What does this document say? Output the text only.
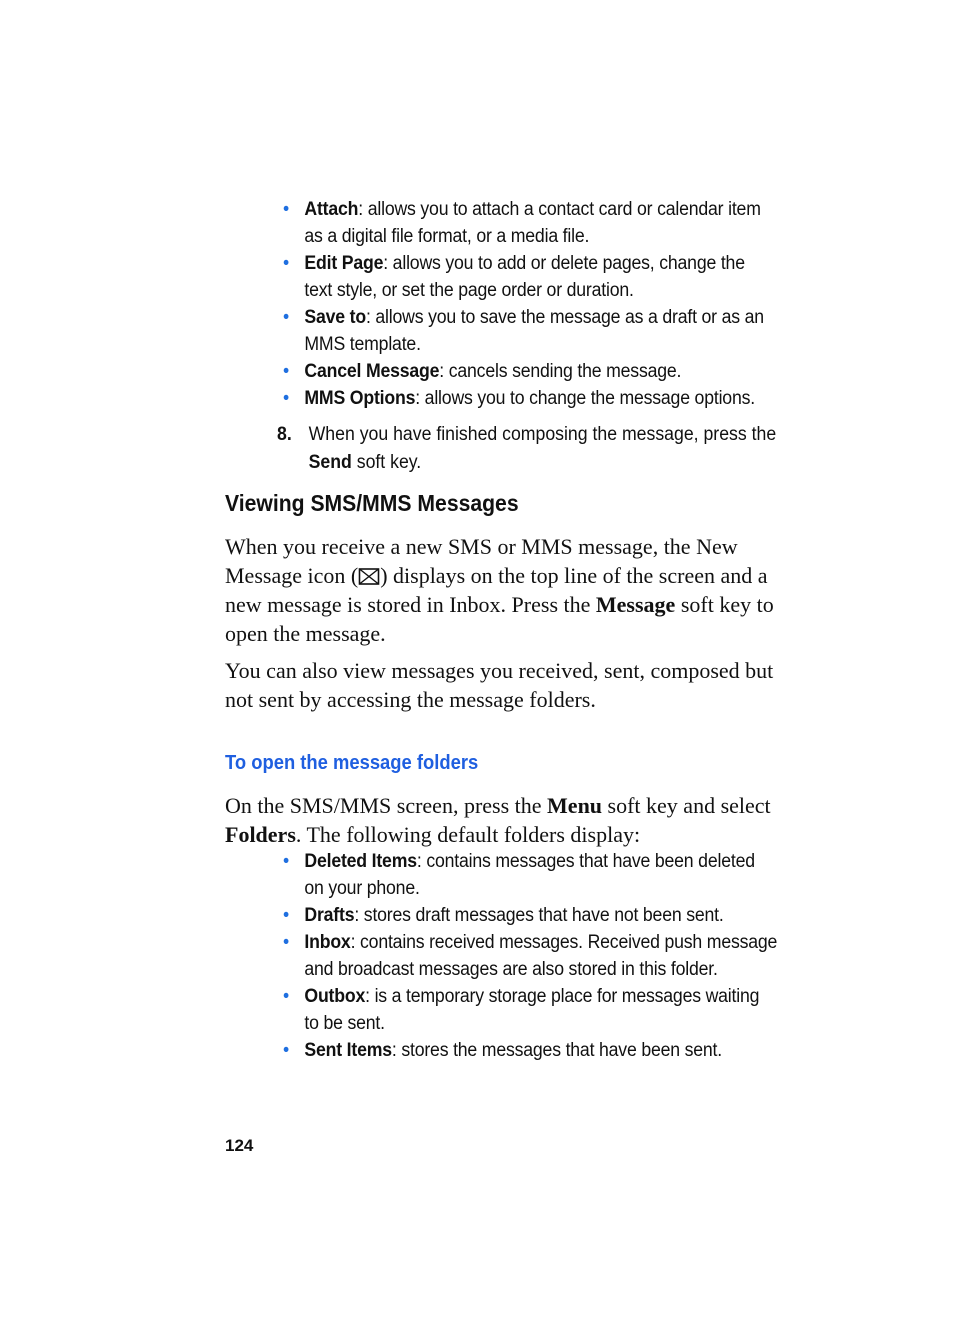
• Attach: allows you to attach a contact card or calendar item
as a digital file format, or a media file.
• Edit Page: allows you to add or delete pages, change the
text style, or set the page order or duration.
• Save to: allows you to save the message as a draft or as an
MMS template.
• Cancel Message: cancels sending the message.
• MMS Options: allows you to change the message options.
8. When you have finished composing the message, press the Send soft key.
Viewing SMS/MMS Messages

When you receive a new SMS or MMS message, the New Message icon ( ) displays on the top line of the screen and a new message is stored in Inbox. Press the Message soft key to open the message.

You can also view messages you received, sent, composed but not sent by accessing the message folders.

To open the message folders

On the SMS/MMS screen, press the Menu soft key and select Folders. The following default folders display:

• Deleted Items: contains messages that have been deleted
on your phone.
• Drafts: stores draft messages that have not been sent.
• Inbox: contains received messages. Received push message
and broadcast messages are also stored in this folder.
• Outbox: is a temporary storage place for messages waiting
to be sent.
• Sent Items: stores the messages that have been sent.
124
